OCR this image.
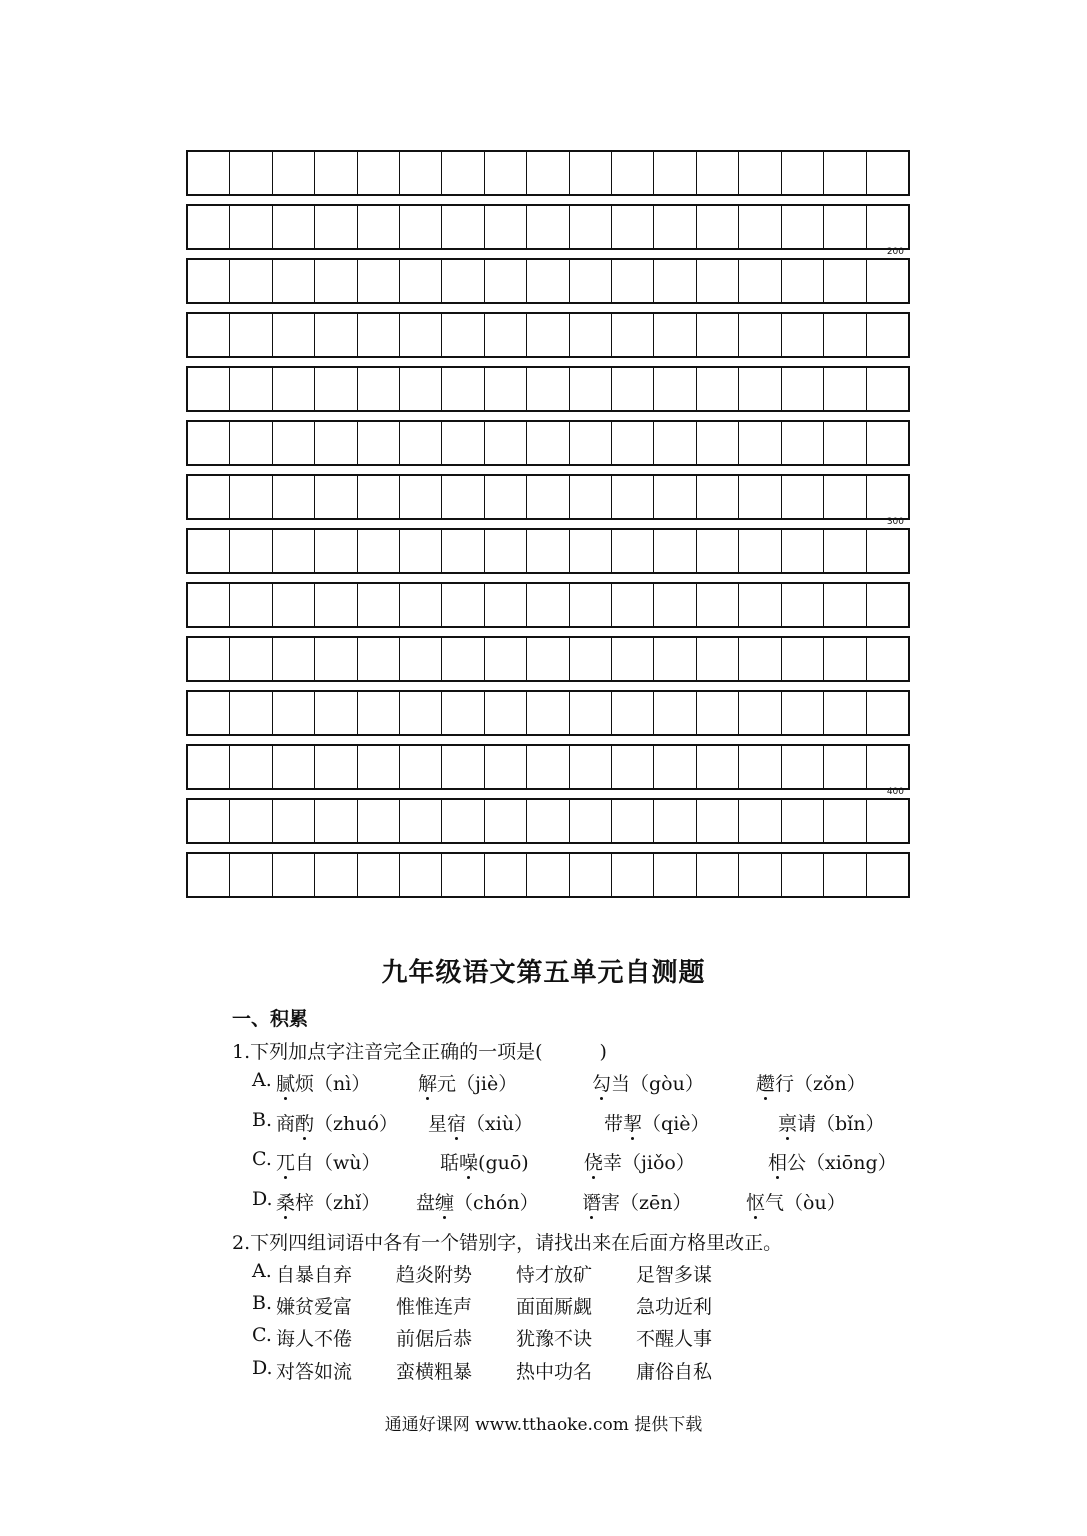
200
300
400
九年级语文第五单元自测题
一、积累
1.下列加点字注音完全正确的一项是(　　　)
A. 腻烦（nì）	解元（jiè）	勾当（gòu）	趱行（zǒn）
B. 商酌（zhuó） 星宿（xiù）	带挈（qiè）	禀请（bǐn）
C. 兀自（wù）	聒噪(guō)	侥幸（jiǒo）	相公（xiōng）
D. 桑梓（zhǐ） 盘缠（chón） 谮害（zēn）	怄气（òu）
2.下列四组词语中各有一个错别字，请找出来在后面方格里改正。
A. 自暴自弃 趋炎附势 恃才放矿 足智多谋
B. 嫌贫爱富 惟惟连声 面面厮觑 急功近利
C. 诲人不倦 前倨后恭 犹豫不诀 不醒人事
D. 对答如流 蛮横粗暴 热中功名 庸俗自私
通通好课网 www.tthaoke.com 提供下载
